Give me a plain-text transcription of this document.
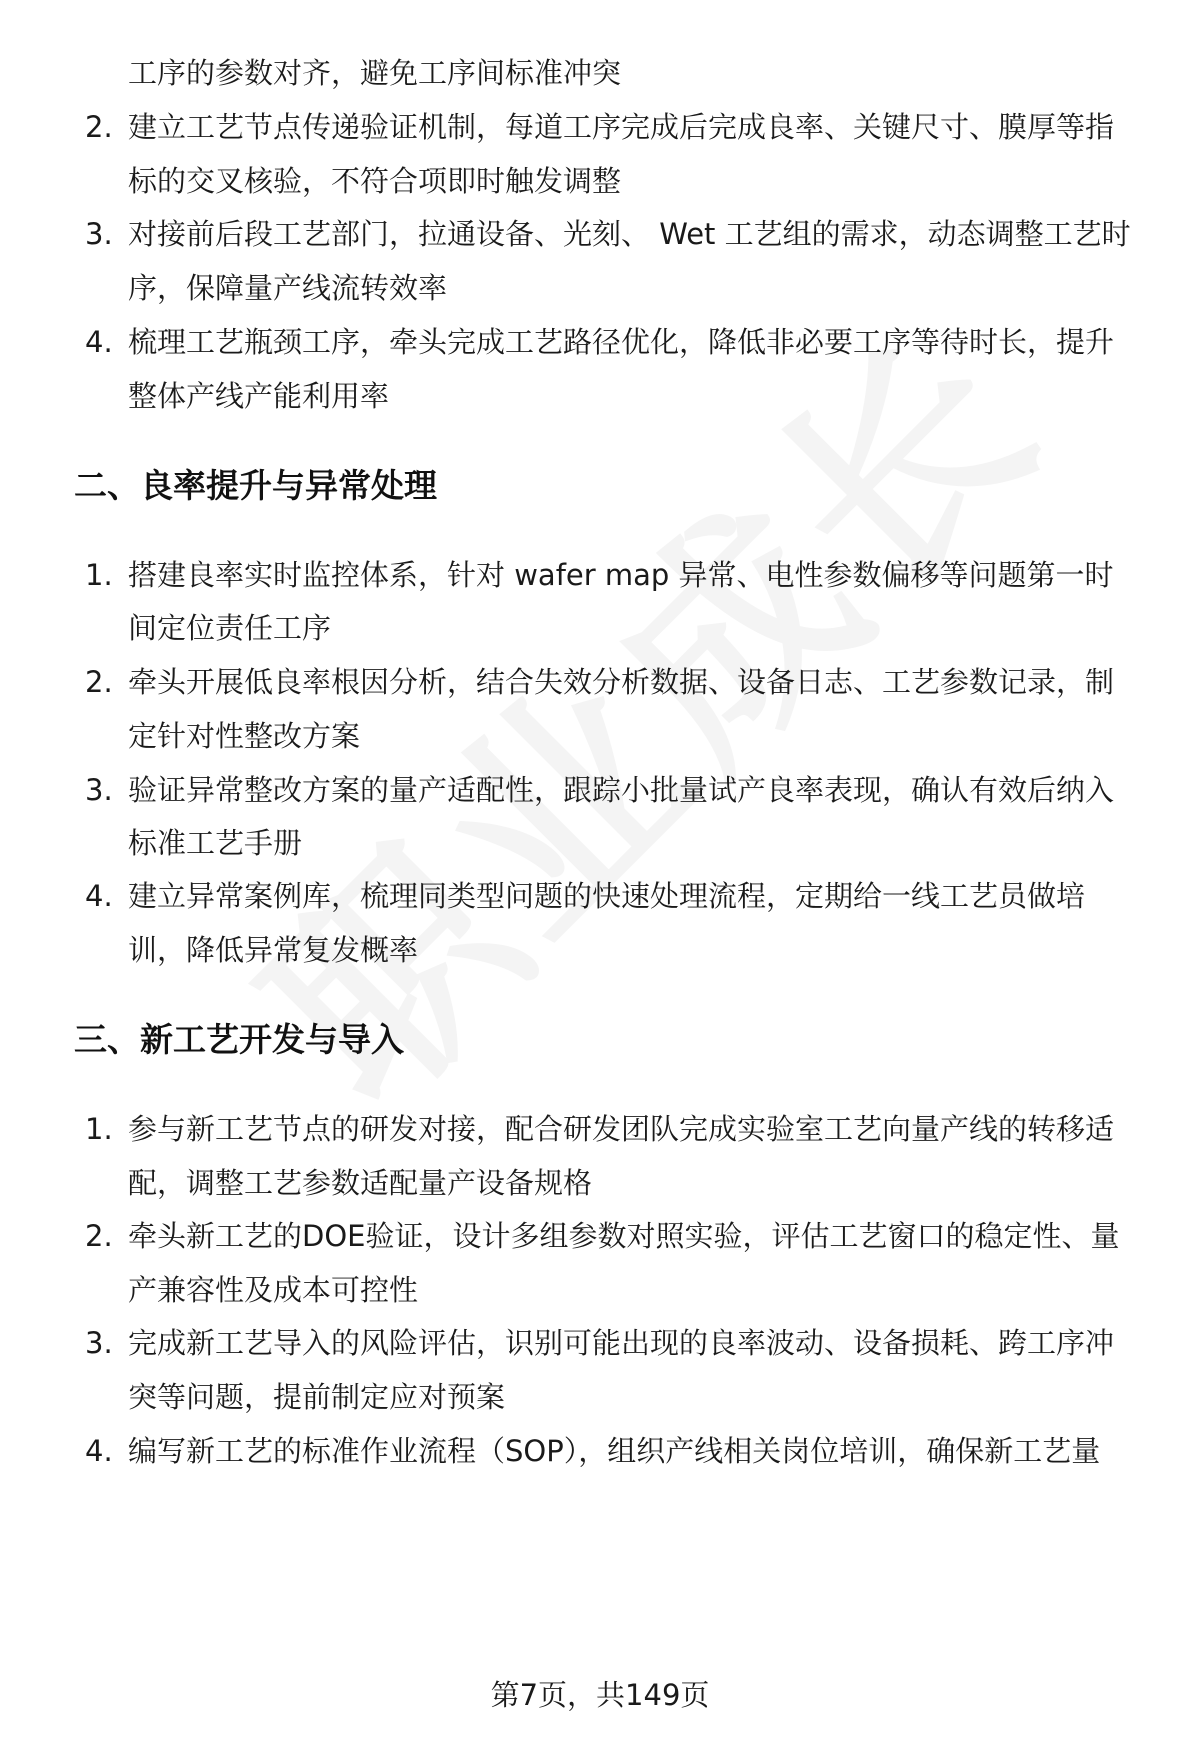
工序的参数对齐，避免工序间标准冲突
2. 建立工艺节点传递验证机制，每道工序完成后完成良率、关键尺寸、膜厚等指
标的交叉核验，不符合项即时触发调整
3. 对接前后段工艺部门，拉通设备、光刻、 Wet 工艺组的需求，动态调整工艺时
序，保障量产线流转效率
4. 梳理工艺瓶颈工序，牵头完成工艺路径优化，降低非必要工序等待时长，提升
整体产线产能利用率
二、良率提升与异常处理
1. 搭建良率实时监控体系，针对 wafer map 异常、电性参数偏移等问题第一时
间定位责任工序
2. 牵头开展低良率根因分析，结合失效分析数据、设备日志、工艺参数记录，制
定针对性整改方案
3. 验证异常整改方案的量产适配性，跟踪小批量试产良率表现，确认有效后纳入
标准工艺手册
4. 建立异常案例库，梳理同类型问题的快速处理流程，定期给一线工艺员做培
训，降低异常复发概率
三、新工艺开发与导入
1. 参与新工艺节点的研发对接，配合研发团队完成实验室工艺向量产线的转移适
配，调整工艺参数适配量产设备规格
2. 牵头新工艺的DOE验证，设计多组参数对照实验，评估工艺窗口的稳定性、量
产兼容性及成本可控性
3. 完成新工艺导入的风险评估，识别可能出现的良率波动、设备损耗、跨工序冲
突等问题，提前制定应对预案
4. 编写新工艺的标准作业流程（SOP），组织产线相关岗位培训，确保新工艺量
第7页，共149页
